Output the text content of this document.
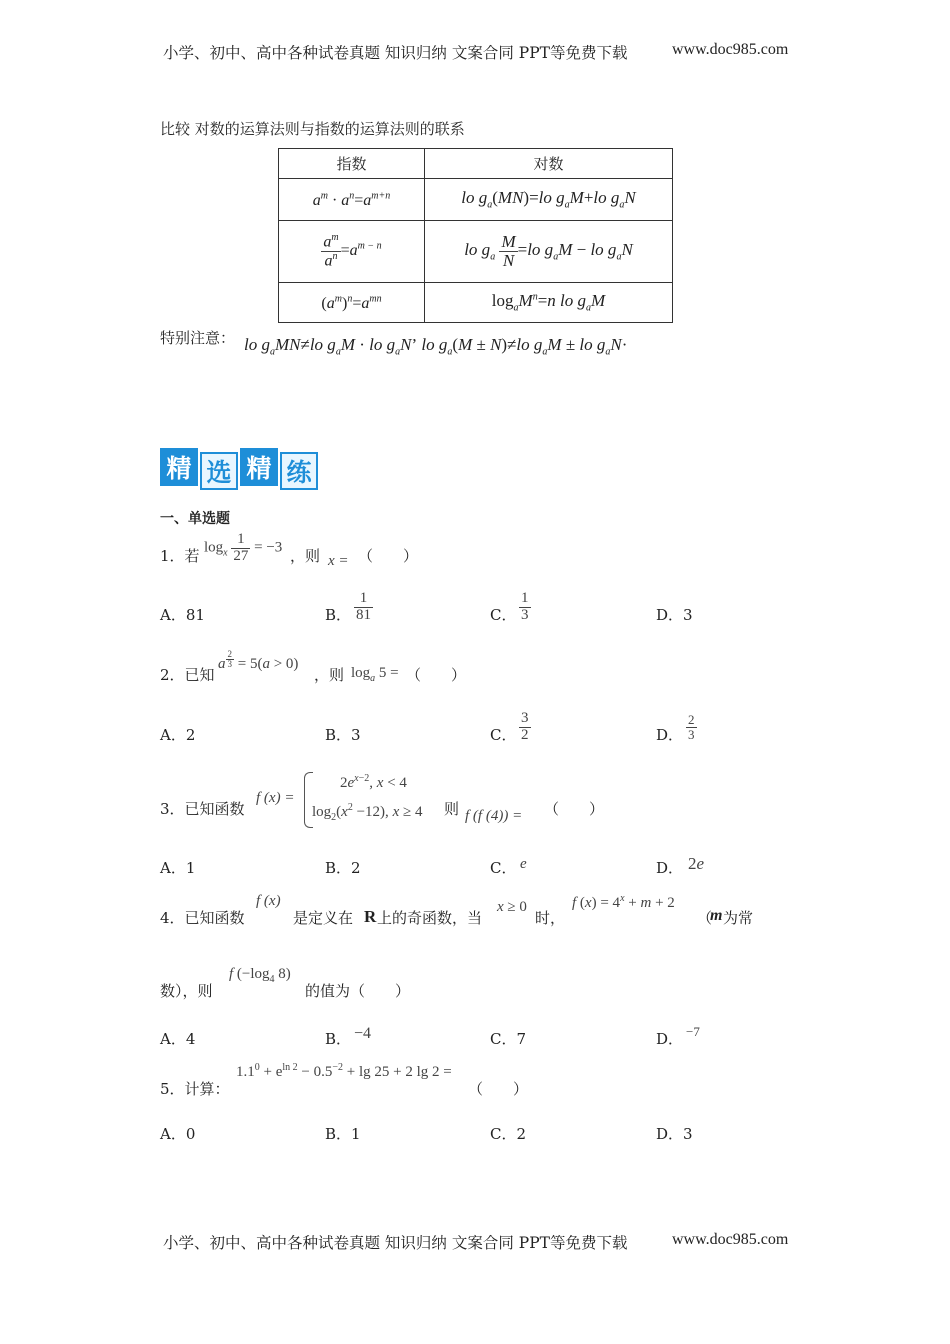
小学、初中、高中各种试卷真题 知识归纳 文案合同 PPT等免费下载	www.doc985.com
比较 对数的运算法则与指数的运算法则的联系
指数	对数
$a^m \cdot a^n=a^{m+n}$	lo $g_a(MN)=lo$ $g_aM+lo$ $g_aN$

$\frac{a^m}{a^n} =a^{m - n}$	lo $g_a \frac{M}{N} =lo$ $g_aM$ − lo $g_aN$
$(a^m)^n=a^{mn}$	$\log_aM^n=n$ lo $g_aM$
特别注意： lo $g_aMN\ne lo$ $g_aM$ · lo $g_aN$’ lo $g_a(M \pm N)\ne lo$ $g_aM$ ± lo $g_aN\cdot$
精 选 精 练
一、单选题
1．若 $\log_x \frac{1}{27} = -3$ ，则 x = （　　）
A．81	B． $\frac{1}{81}$	C． $\frac{1}{3}$	D．3
2．已知
a $^{\frac{2}{3}}$ = 5(a > 0)
，则 $\log_a 5$ = （　　）
A．2	B．3	C． $\frac{3}{2}$	D． $\frac{2}{3}$
3．已知函数
f (x) =
$2e^{x-2}$, x < 4
$\log_2(x^2 -12)$, x ≥ 4 则 f (f (4)) = （　　）
A．1	B．2	C． e	D． 2e
4．已知函数
f (x)
是定义在 R 上的奇函数，当
x ≥ 0
时，
f $(x) = 4^x + m + 2$
（
m 为常
数），则
f ($-\log_4$ 8)
的值为（　　）
A．4	B． −4	C．7	D． −7
5．计算：
$1.1^0 + e^{ln 2} - 0.5^{-2} + \lg 25 + 2$ lg 2 =
（　　）
A．0	B．1	C．2	D．3
小学、初中、高中各种试卷真题 知识归纳 文案合同 PPT等免费下载	www.doc985.com
